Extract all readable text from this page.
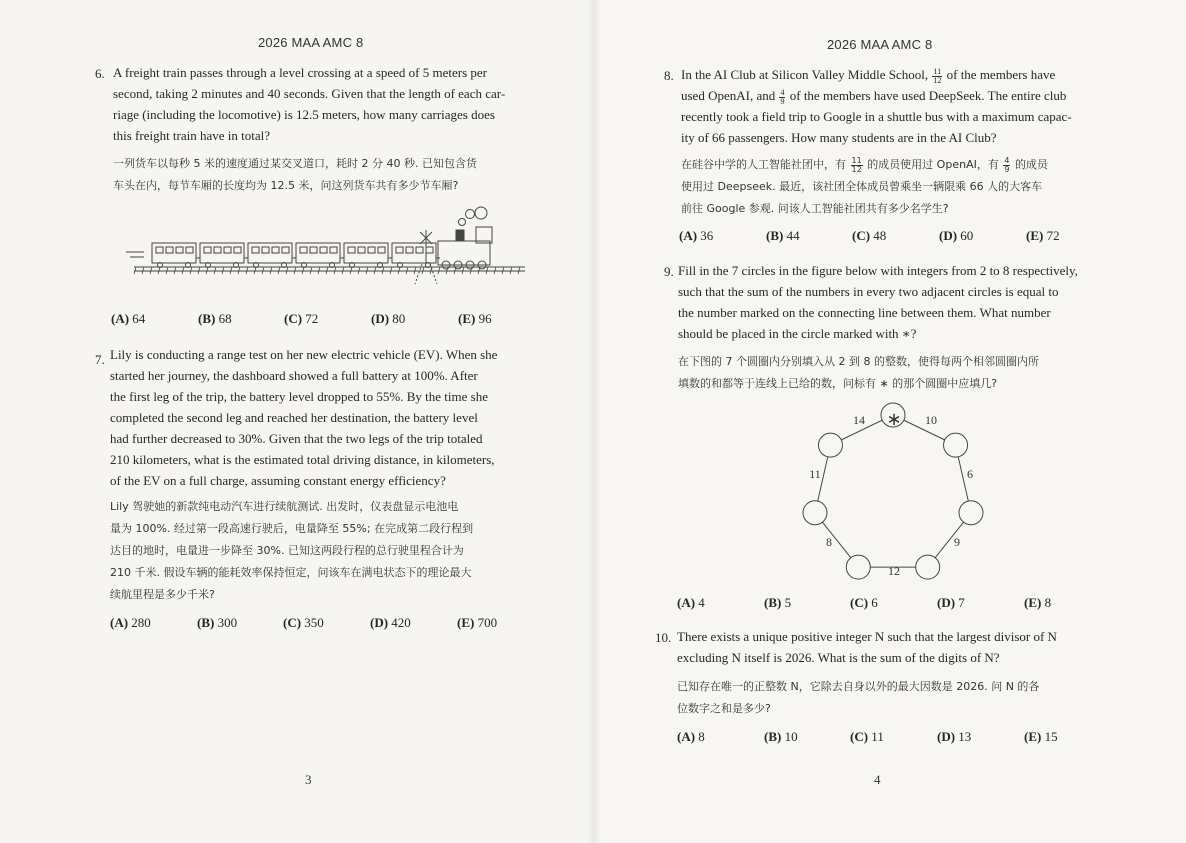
2026 MAA AMC 8
6. A freight train passes through a level crossing at a speed of 5 meters per
second, taking 2 minutes and 40 seconds. Given that the length of each car-
riage (including the locomotive) is 12.5 meters, how many carriages does
this freight train have in total?
一列货车以每秒 5 米的速度通过某交叉道口，耗时 2 分 40 秒. 已知包含货
车头在内，每节车厢的长度均为 12.5 米，问这列货车共有多少节车厢?
(A) 64	(B) 68	(C) 72	(D) 80	(E) 96
7. Lily is conducting a range test on her new electric vehicle (EV). When she
started her journey, the dashboard showed a full battery at 100%. After
the first leg of the trip, the battery level dropped to 55%. By the time she
completed the second leg and reached her destination, the battery level
had further decreased to 30%. Given that the two legs of the trip totaled
210 kilometers, what is the estimated total driving distance, in kilometers,
of the EV on a full charge, assuming constant energy efficiency?
Lily 驾驶她的新款纯电动汽车进行续航测试. 出发时，仪表盘显示电池电
量为 100%. 经过第一段高速行驶后，电量降至 55%; 在完成第二段行程到
达目的地时，电量进一步降至 30%. 已知这两段行程的总行驶里程合计为
210 千米. 假设车辆的能耗效率保持恒定，问该车在满电状态下的理论最大
续航里程是多少千米?
(A) 280	(B) 300	(C) 350	(D) 420	(E) 700
3
2026 MAA AMC 8
8. In the AI Club at Silicon Valley Middle School, $\frac{11}{12}$ of the members have
used OpenAI, and $\frac{4}{9}$ of the members have used DeepSeek. The entire club
recently took a field trip to Google in a shuttle bus with a maximum capac-
ity of 66 passengers. How many students are in the AI Club?
在硅谷中学的人工智能社团中，有 $\frac{11}{12}$ 的成员使用过 OpenAI，有 $\frac{4}{9}$ 的成员
使用过 Deepseek. 最近，该社团全体成员曾乘坐一辆限乘 66 人的大客车
前往 Google 参观. 问该人工智能社团共有多少名学生?
(A) 36	(B) 44	(C) 48	(D) 60	(E) 72
9. Fill in the 7 circles in the figure below with integers from 2 to 8 respectively,
such that the sum of the numbers in every two adjacent circles is equal to
the number marked on the connecting line between them. What number
should be placed in the circle marked with ∗?
在下图的 7 个圆圈内分别填入从 2 到 8 的整数，使得每两个相邻圆圈内所
填数的和都等于连线上已给的数，问标有 ∗ 的那个圆圈中应填几?
∗
14	10
11	6
8	9
12
(A) 4	(B) 5	(C) 6	(D) 7	(E) 8
10. There exists a unique positive integer N such that the largest divisor of N
excluding N itself is 2026. What is the sum of the digits of N?
已知存在唯一的正整数 N，它除去自身以外的最大因数是 2026. 问 N 的各
位数字之和是多少?
(A) 8	(B) 10	(C) 11	(D) 13	(E) 15
4
